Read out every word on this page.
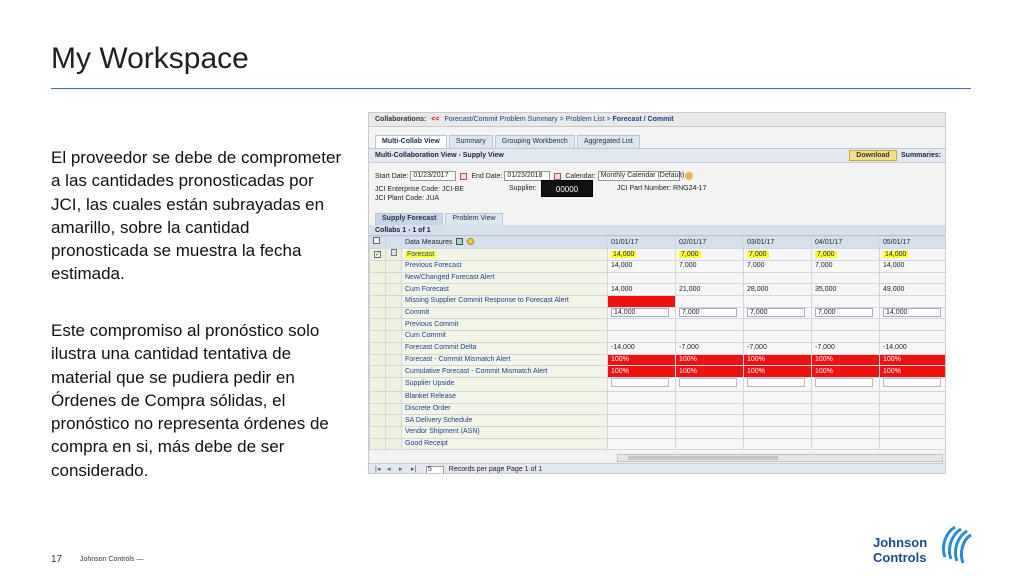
My Workspace
El proveedor se debe de comprometer a las cantidades pronosticadas por JCI, las cuales están subrayadas en amarillo, sobre la cantidad pronosticada se muestra la fecha estimada.
Este compromiso al pronóstico solo ilustra una cantidad tentativa de material que se pudiera pedir en Órdenes de Compra sólidas, el pronóstico no representa órdenes de compra en si, más debe de ser considerado.
17	Johnson Controls —
Johnson
Controls
Collaborations: << Forecast/Commit Problem Summary > Problem List > Forecast / Commit
Multi-Collab View	Summary	Grouping Workbench	Aggregated List
Multi-Collaboration View - Supply View	Download	Summaries:
Start Date: 01/23/2017	End Date: 01/23/2018	Calendar: Monthly Calendar (Default)
JCI Enterprise Code: JCI-BE
JCI Plant Code: JUA
Supplier:	00000	JCI Part Number: RNG24-17
Supply Forecast	Problem View
Collabs 1 - 1 of 1
		Data Measures	01/01/17	02/01/17	03/01/17	04/01/17	05/01/17
✓		Forecast	14,000	7,000	7,000	7,000	14,000
		Previous Forecast	14,000	7,000	7,000	7,000	14,000
		New/Changed Forecast Alert					
		Cum Forecast	14,000	21,000	28,000	35,000	49,000
		Missing Supplier Commit Response to Forecast Alert					
		Commit	14,000	7,000	7,000	7,000	14,000
		Previous Commit					
		Cum Commit					
		Forecast Commit Delta	-14,000	-7,000	-7,000	-7,000	-14,000
		Forecast - Commit Mismatch Alert	100%	100%	100%	100%	100%
		Cumulative Forecast - Commit Mismatch Alert	100%	100%	100%	100%	100%
		Supplier Upside					
		Blanket Release					
		Discrete Order					
		SA Delivery Schedule					
		Vendor Shipment (ASN)					
		Good Receipt					
|◂ ◂ ▸ ▸| 5 Records per page Page 1 of 1
